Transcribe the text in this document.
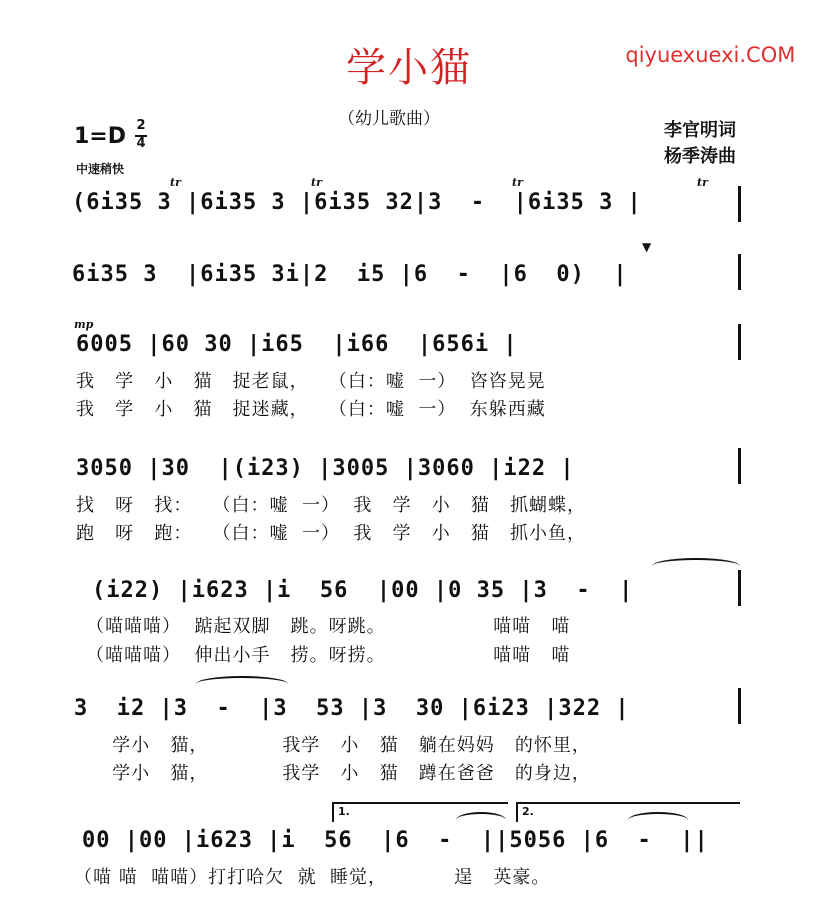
qiyuexuexi.COM

学小猫
（幼儿歌曲）
李官明词
杨季涛曲
1=D 2
4
中速稍快
(6i35 3 |6i35 3 |6i35 32|3  -  |6i35 3 |
tr	tr	tr	tr
6i35 3  |6i35 3i|2  i5 |6  -  |6  0)  |
▼
mp
6005 |60 30 |i65  |i66  |656i |
我   学   小   猫   捉老鼠，   （白：嘘  一）  咨咨晃晃
我   学   小   猫   捉迷藏，   （白：嘘  一）  东躲西藏
3050 |30  |(i23) |3005 |3060 |i22 |
找   呀   找：   （白：嘘  一）  我   学   小   猫   抓蝴蝶，
跑   呀   跑：   （白：嘘  一）  我   学   小   猫   抓小鱼，
(i22) |i623 |i  56  |00 |0 35 |3  -  |
（喵喵喵）  踮起双脚   跳。呀跳。                喵喵   喵
（喵喵喵）  伸出小手   捞。呀捞。                喵喵   喵
3  i2 |3  -  |3  53 |3  30 |6i23 |322 |
学小   猫，           我学   小   猫   躺在妈妈   的怀里，
学小   猫，           我学   小   猫   蹲在爸爸   的身边，
1.	2.
00 |00 |i623 |i  56  |6  -  ||5056 |6  -  ||
（喵 喵  喵喵）打打哈欠  就  睡觉，          逞   英豪。
